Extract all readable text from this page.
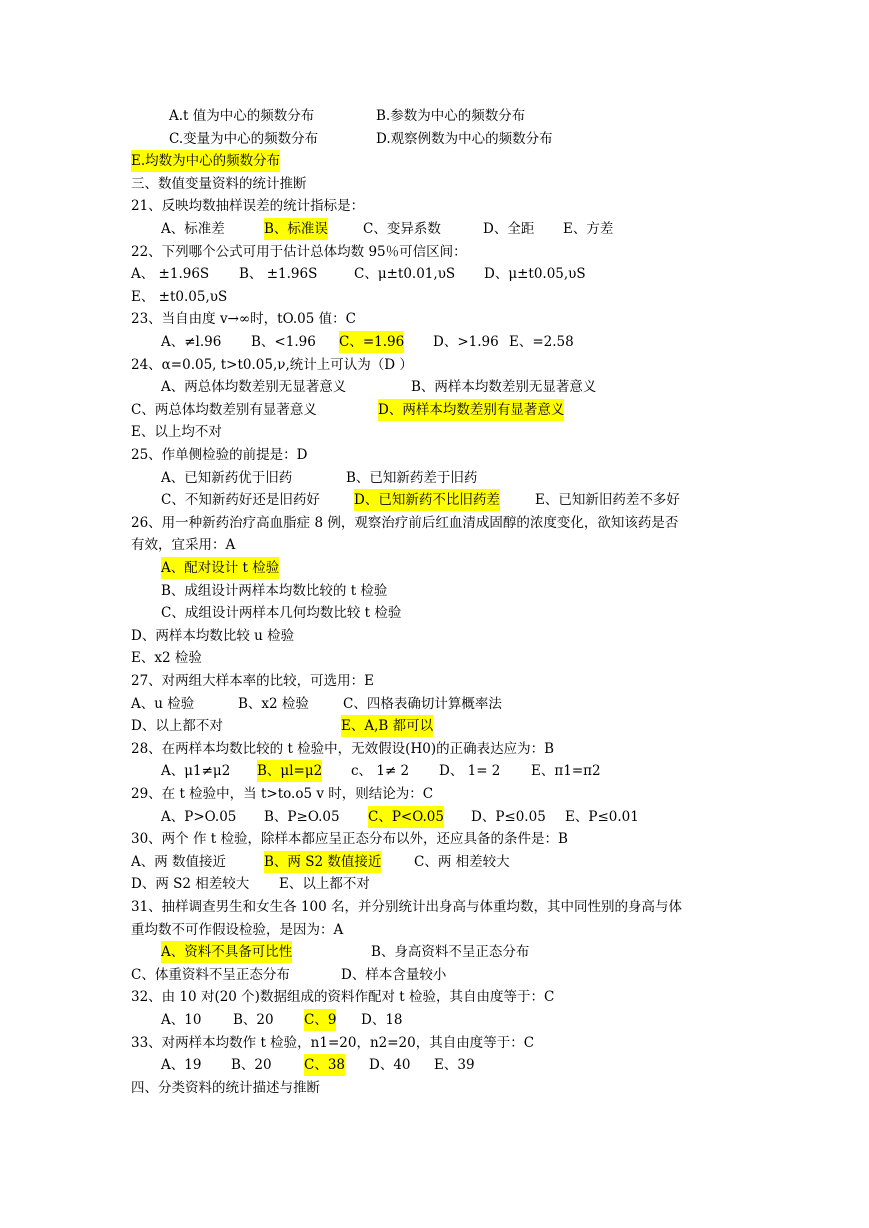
A.t 值为中心的频数分布	B.参数为中心的频数分布
C.变量为中心的频数分布	D.观察例数为中心的频数分布
E.均数为中心的频数分布
三、数值变量资料的统计推断
21、反映均数抽样误差的统计指标是：
A、标准差	B、标准误	C、变异系数	D、全距 E、方差
22、下列哪个公式可用于估计总体均数 95％可信区间：
A、 ±1.96S B、 ±1.96S	C、μ±t0.01,υS D、μ±t0.05,υS
E、 ±t0.05,υS
23、当自由度 v→∞时，tO.05 值：C
A、≠l.96 B、<1.96 C、=1.96 D、>1.96 E、=2.58
24、α=0.05, t>t0.05,ν,统计上可认为（D ）
A、两总体均数差别无显著意义	B、两样本均数差别无显著意义
C、两总体均数差别有显著意义	D、两样本均数差别有显著意义
E、以上均不对
25、作单侧检验的前提是：D
A、已知新药优于旧药	B、已知新药差于旧药
C、不知新药好还是旧药好	D、已知新药不比旧药差	E、已知新旧药差不多好
26、用一种新药治疗高血脂症 8 例，观察治疗前后红血清成固醇的浓度变化，欲知该药是否
有效，宜采用：A
A、配对设计 t 检验
B、成组设计两样本均数比较的 t 检验
C、成组设计两样本几何均数比较 t 检验
D、两样本均数比较 u 检验
E、x2 检验
27、对两组大样本率的比较，可选用：E
A、u 检验	B、x2 检验	C、四格表确切计算概率法
D、以上都不对	E、A,B 都可以
28、在两样本均数比较的 t 检验中，无效假设(H0)的正确表达应为：B
A、μ1≠μ2 B、μl=μ2 c、 1≠ 2 D、 1= 2 E、π1=π2
29、在 t 检验中，当 t>to.o5 v 时，则结论为：C
A、P>O.05 B、P≥O.05 C、P<O.05 D、P≤0.05 E、P≤0.01
30、两个 作 t 检验，除样本都应呈正态分布以外，还应具备的条件是：B
A、两 数值接近	B、两 S2 数值接近 C、两 相差较大
D、两 S2 相差较大 E、以上都不对
31、抽样调查男生和女生各 100 名，并分别统计出身高与体重均数，其中同性别的身高与体
重均数不可作假设检验，是因为：A
A、资料不具备可比性	B、身高资料不呈正态分布
C、体重资料不呈正态分布	D、样本含量较小
32、由 10 对(20 个)数据组成的资料作配对 t 检验，其自由度等于：C
A、10 B、20 C、9 D、18
33、对两样本均数作 t 检验，n1=20，n2=20，其自由度等于：C
A、19 B、20 C、38 D、40 E、39
四、分类资料的统计描述与推断
